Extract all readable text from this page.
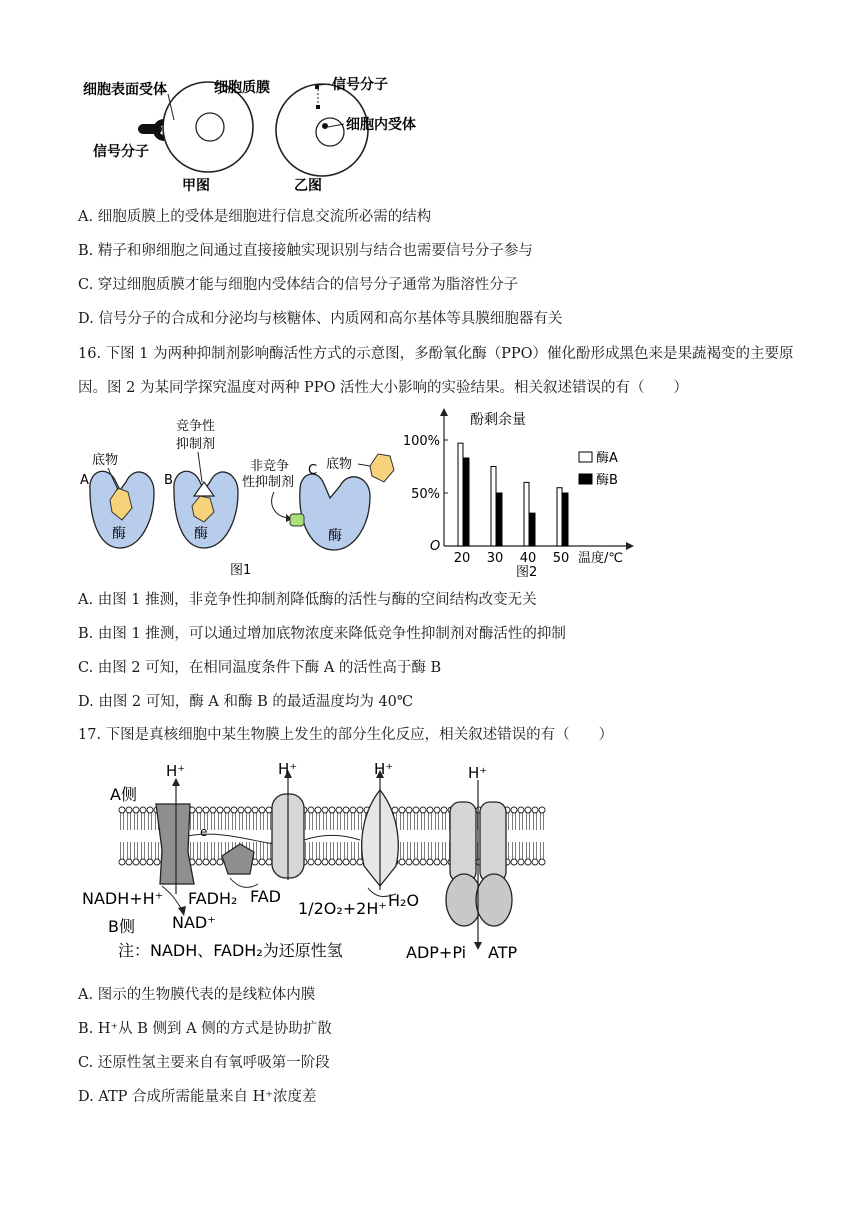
细胞表面受体	细胞质膜
信号分子
甲图
信号分子
细胞内受体
乙图
A. 细胞质膜上的受体是细胞进行信息交流所必需的结构
B. 精子和卵细胞之间通过直接接触实现识别与结合也需要信号分子参与
C. 穿过细胞质膜才能与细胞内受体结合的信号分子通常为脂溶性分子
D. 信号分子的合成和分泌均与核糖体、内质网和高尔基体等具膜细胞器有关
16. 下图 1 为两种抑制剂影响酶活性方式的示意图，多酚氧化酶（PPO）催化酚形成黑色来是果蔬褐变的主要原因。图 2 为某同学探究温度对两种 PPO 活性大小影响的实验结果。相关叙述错误的有（　　）
A
底物
酶
B
竞争性
抑制剂
酶
非竞争
性抑制剂
C 底物
酶
图1
酚剩余量
O
100%
50%
20 30 40 50
酶A
酶B
温度/℃
图2
A. 由图 1 推测，非竞争性抑制剂降低酶的活性与酶的空间结构改变无关
B. 由图 1 推测，可以通过增加底物浓度来降低竞争性抑制剂对酶活性的抑制
C. 由图 2 可知，在相同温度条件下酶 A 的活性高于酶 B
D. 由图 2 可知，酶 A 和酶 B 的最适温度均为 40℃
17. 下图是真核细胞中某生物膜上发生的部分生化反应，相关叙述错误的有（　　）
A侧
B侧
H⁺
e
H⁺	H⁺	H⁺
NADH+H⁺
NAD⁺
FADH₂ FAD
1/2O₂+2H⁺ H₂O
注：NADH、FADH₂为还原性氢	ADP+Pi ATP
A. 图示的生物膜代表的是线粒体内膜
B. H⁺从 B 侧到 A 侧的方式是协助扩散
C. 还原性氢主要来自有氧呼吸第一阶段
D. ATP 合成所需能量来自 H⁺浓度差
